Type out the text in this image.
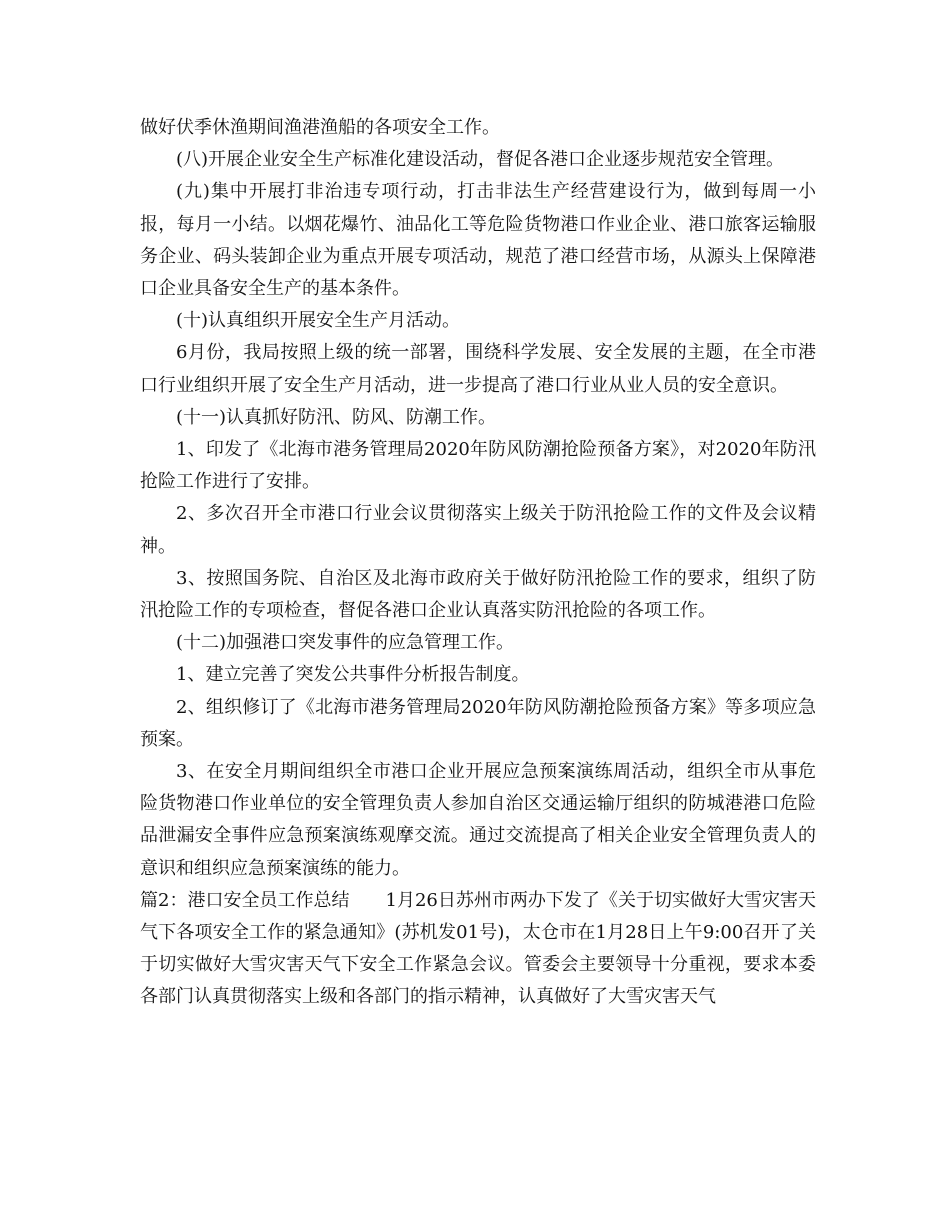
做好伏季休渔期间渔港渔船的各项安全工作。

(八)开展企业安全生产标准化建设活动，督促各港口企业逐步规范安全管理。

(九)集中开展打非治违专项行动，打击非法生产经营建设行为，做到每周一小报，每月一小结。以烟花爆竹、油品化工等危险货物港口作业企业、港口旅客运输服务企业、码头装卸企业为重点开展专项活动，规范了港口经营市场，从源头上保障港口企业具备安全生产的基本条件。

(十)认真组织开展安全生产月活动。

6月份，我局按照上级的统一部署，围绕科学发展、安全发展的主题，在全市港口行业组织开展了安全生产月活动，进一步提高了港口行业从业人员的安全意识。

(十一)认真抓好防汛、防风、防潮工作。

1、印发了《北海市港务管理局2020年防风防潮抢险预备方案》，对2020年防汛抢险工作进行了安排。

2、多次召开全市港口行业会议贯彻落实上级关于防汛抢险工作的文件及会议精神。

3、按照国务院、自治区及北海市政府关于做好防汛抢险工作的要求，组织了防汛抢险工作的专项检查，督促各港口企业认真落实防汛抢险的各项工作。

(十二)加强港口突发事件的应急管理工作。

1、建立完善了突发公共事件分析报告制度。

2、组织修订了《北海市港务管理局2020年防风防潮抢险预备方案》等多项应急预案。

3、在安全月期间组织全市港口企业开展应急预案演练周活动，组织全市从事危险货物港口作业单位的安全管理负责人参加自治区交通运输厅组织的防城港港口危险品泄漏安全事件应急预案演练观摩交流。通过交流提高了相关企业安全管理负责人的意识和组织应急预案演练的能力。

篇2：港口安全员工作总结   1月26日苏州市两办下发了《关于切实做好大雪灾害天气下各项安全工作的紧急通知》(苏机发01号)，太仓市在1月28日上午9:00召开了关于切实做好大雪灾害天气下安全工作紧急会议。管委会主要领导十分重视，要求本委各部门认真贯彻落实上级和各部门的指示精神，认真做好了大雪灾害天气
